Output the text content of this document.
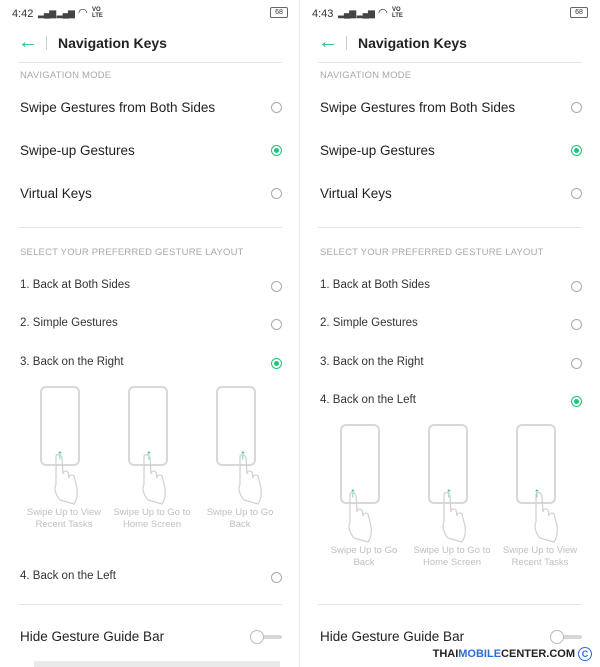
4:42 ▂▄▆ ▂▄▆ ◠ VO LTE	68
← Navigation Keys
NAVIGATION MODE
Swipe Gestures from Both Sides
Swipe-up Gestures
Virtual Keys
SELECT YOUR PREFERRED GESTURE LAYOUT
1. Back at Both Sides
2. Simple Gestures
3. Back on the Right
↑
Swipe Up to View Recent Tasks
↑
Swipe Up to Go to Home Screen
↑
Swipe Up to Go Back
4. Back on the Left
Hide Gesture Guide Bar
4:43 ▂▄▆ ▂▄▆ ◠ VO LTE	68
← Navigation Keys
NAVIGATION MODE
Swipe Gestures from Both Sides
Swipe-up Gestures
Virtual Keys
SELECT YOUR PREFERRED GESTURE LAYOUT
1. Back at Both Sides
2. Simple Gestures
3. Back on the Right
4. Back on the Left
↑
Swipe Up to Go Back
↑
Swipe Up to Go to Home Screen
↑
Swipe Up to View Recent Tasks
Hide Gesture Guide Bar
THAIMOBILECENTER.COM C
